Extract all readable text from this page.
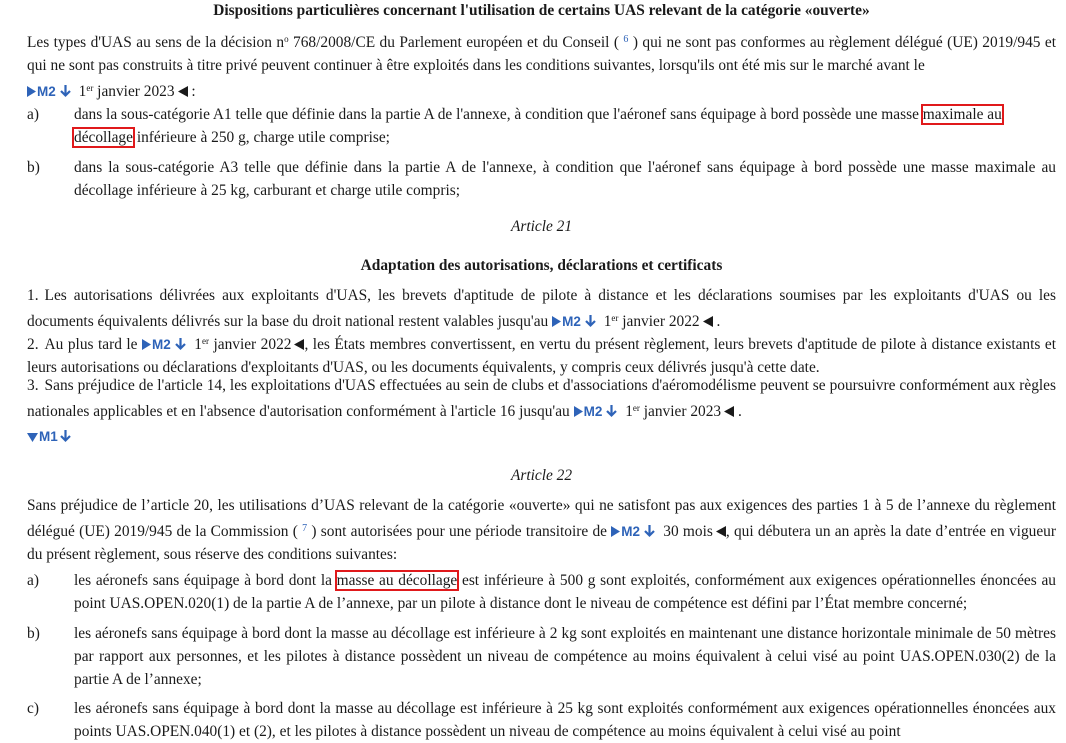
Dispositions particulières concernant l'utilisation de certains UAS relevant de la catégorie «ouverte»

Les types d'UAS au sens de la décision $n^o$ 768/2008/CE du Parlement européen et du Conseil ( $^6$ ) qui ne sont pas conformes au règlement délégué (UE) 2019/945 et qui ne sont pas construits à titre privé peuvent continuer à être exploités dans les conditions suivantes, lorsqu'ils ont été mis sur le marché avant le
M2 1er janvier 2023 :

a)	dans la sous-catégorie A1 telle que définie dans la partie A de l'annexe, à condition que l'aéronef sans équipage à bord possède une masse maximale au
décollage inférieure à 250 g, charge utile comprise;
b)	dans la sous-catégorie A3 telle que définie dans la partie A de l'annexe, à condition que l'aéronef sans équipage à bord possède une masse maximale au décollage inférieure à 25 kg, carburant et charge utile compris;

Article 21

Adaptation des autorisations, déclarations et certificats

1. Les autorisations délivrées aux exploitants d'UAS, les brevets d'aptitude de pilote à distance et les déclarations soumises par les exploitants d'UAS ou les documents équivalents délivrés sur la base du droit national restent valables jusqu'au M2 1er janvier 2022 .

2. Au plus tard le M2 1er janvier 2022 , les États membres convertissent, en vertu du présent règlement, leurs brevets d'aptitude de pilote à distance existants et leurs autorisations ou déclarations d'exploitants d'UAS, ou les documents équivalents, y compris ceux délivrés jusqu'à cette date.

3. Sans préjudice de l'article 14, les exploitations d'UAS effectuées au sein de clubs et d'associations d'aéromodélisme peuvent se poursuivre conformément aux règles nationales applicables et en l'absence d'autorisation conformément à l'article 16 jusqu'au M2 1er janvier 2023 .

M1

Article 22

Sans préjudice de l’article 20, les utilisations d’UAS relevant de la catégorie «ouverte» qui ne satisfont pas aux exigences des parties 1 à 5 de l’annexe du règlement délégué (UE) 2019/945 de la Commission ( $^7$ ) sont autorisées pour une période transitoire de M2 30 mois , qui débutera un an après la date d’entrée en vigueur du présent règlement, sous réserve des conditions suivantes:

a)	les aéronefs sans équipage à bord dont la masse au décollage est inférieure à 500 g sont exploités, conformément aux exigences opérationnelles énoncées au point UAS.OPEN.020(1) de la partie A de l’annexe, par un pilote à distance dont le niveau de compétence est défini par l’État membre concerné;
b)	les aéronefs sans équipage à bord dont la masse au décollage est inférieure à 2 kg sont exploités en maintenant une distance horizontale minimale de 50 mètres par rapport aux personnes, et les pilotes à distance possèdent un niveau de compétence au moins équivalent à celui visé au point UAS.OPEN.030(2) de la partie A de l’annexe;
c)	les aéronefs sans équipage à bord dont la masse au décollage est inférieure à 25 kg sont exploités conformément aux exigences opérationnelles énoncées aux points UAS.OPEN.040(1) et (2), et les pilotes à distance possèdent un niveau de compétence au moins équivalent à celui visé au point
